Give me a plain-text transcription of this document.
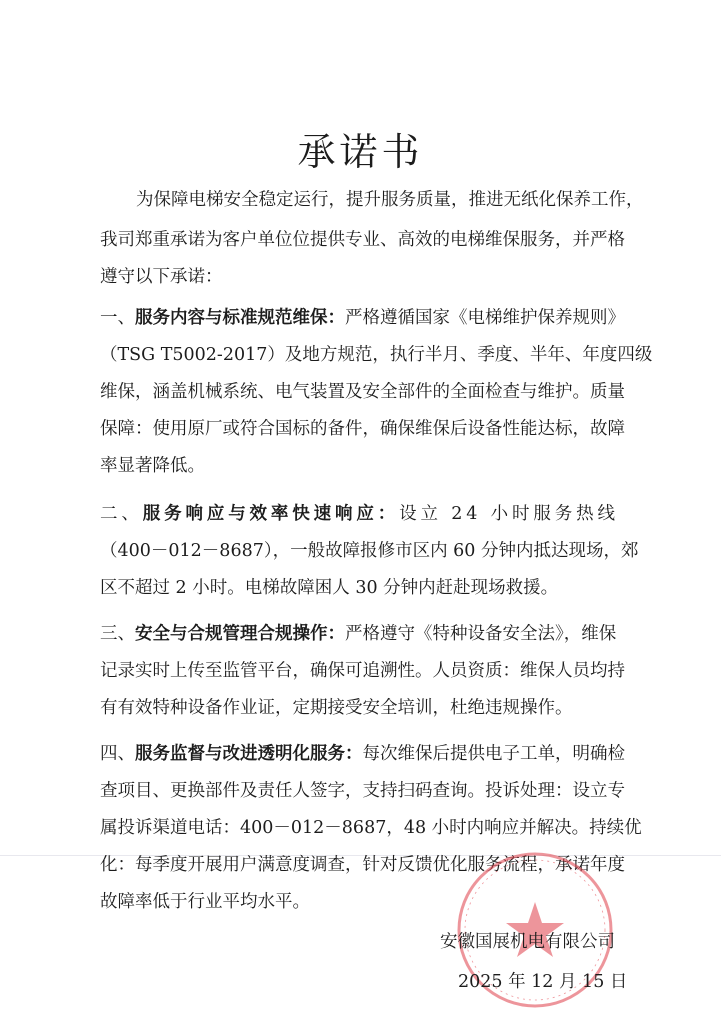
承诺书
为保障电梯安全稳定运行，提升服务质量，推进无纸化保养工作，
我司郑重承诺为客户单位位提供专业、高效的电梯维保服务，并严格
遵守以下承诺：
一、服务内容与标准规范维保：严格遵循国家《电梯维护保养规则》
（TSG T5002-2017）及地方规范，执行半月、季度、半年、年度四级
维保，涵盖机械系统、电气装置及安全部件的全面检查与维护。质量
保障：使用原厂或符合国标的备件，确保维保后设备性能达标，故障
率显著降低。
二、服务响应与效率快速响应：设立 24 小时服务热线
（400－012－8687），一般故障报修市区内 60 分钟内抵达现场，郊
区不超过 2 小时。电梯故障困人 30 分钟内赶赴现场救援。
三、安全与合规管理合规操作：严格遵守《特种设备安全法》，维保
记录实时上传至监管平台，确保可追溯性。人员资质：维保人员均持
有有效特种设备作业证，定期接受安全培训，杜绝违规操作。
四、服务监督与改进透明化服务：每次维保后提供电子工单，明确检
查项目、更换部件及责任人签字，支持扫码查询。投诉处理：设立专
属投诉渠道电话：400－012－8687，48 小时内响应并解决。持续优
化：每季度开展用户满意度调查，针对反馈优化服务流程，承诺年度
故障率低于行业平均水平。
安徽国展机电有限公司
2025 年 12 月 15 日
